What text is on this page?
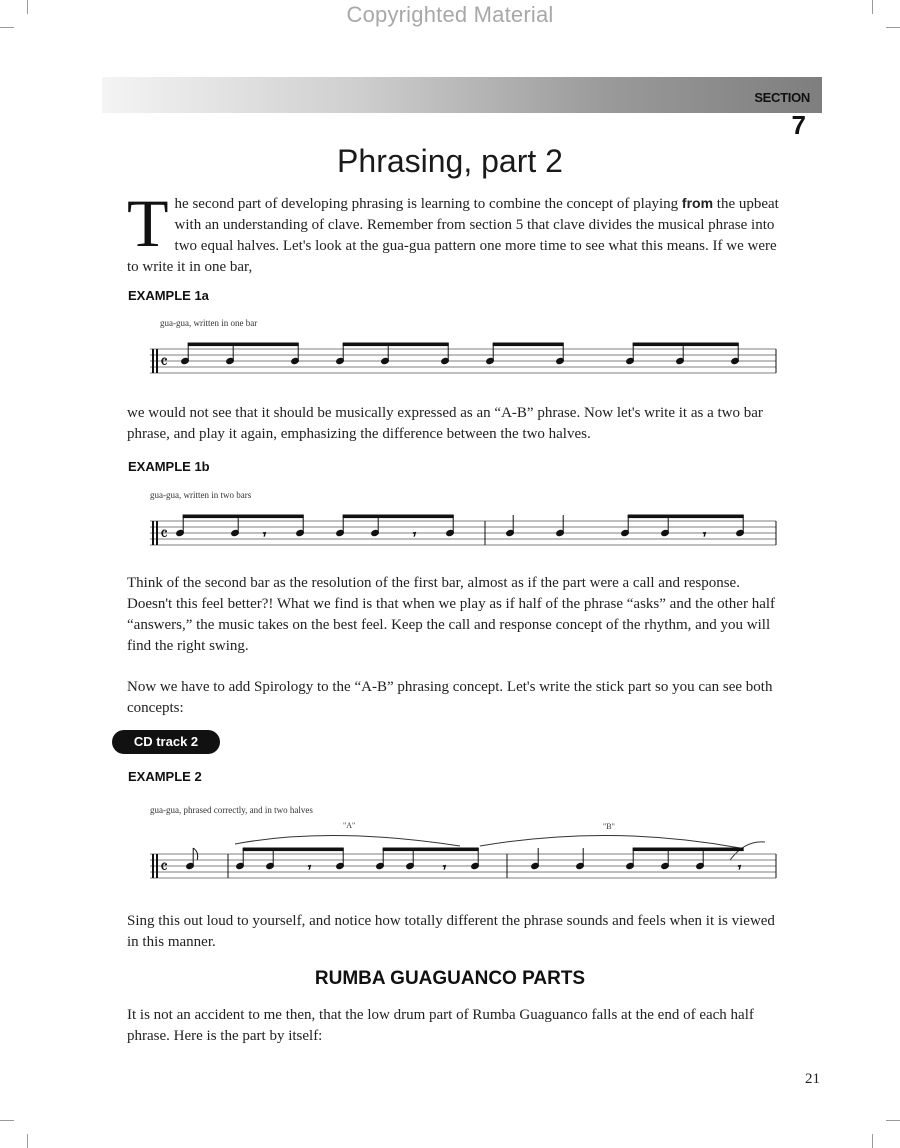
Copyrighted Material
SECTION
7
Phrasing, part 2
The second part of developing phrasing is learning to combine the concept of playing from the upbeat with an understanding of clave. Remember from section 5 that clave divides the musical phrase into two equal halves. Let's look at the gua-gua pattern one more time to see what this means. If we were to write it in one bar,
EXAMPLE 1a
gua-gua, written in one bar
𝄴
we would not see that it should be musically expressed as an “A-B” phrase. Now let's write it as a two bar phrase, and play it again, emphasizing the difference between the two halves.
EXAMPLE 1b
gua-gua, written in two bars
𝄴	𝄾	𝄾	𝄾
Think of the second bar as the resolution of the first bar, almost as if the part were a call and response. Doesn't this feel better?! What we find is that when we play as if half of the phrase “asks” and the other half “answers,” the music takes on the best feel. Keep the call and response concept of the rhythm, and you will find the right swing.
Now we have to add Spirology to the “A-B” phrasing concept. Let's write the stick part so you can see both concepts:
CD track 2
EXAMPLE 2
gua-gua, phrased correctly, and in two halves
"A"	"B"
𝄴	𝄾	𝄾	𝄾
Sing this out loud to yourself, and notice how totally different the phrase sounds and feels when it is viewed in this manner.
RUMBA GUAGUANCO PARTS
It is not an accident to me then, that the low drum part of Rumba Guaguanco falls at the end of each half phrase. Here is the part by itself:
21
